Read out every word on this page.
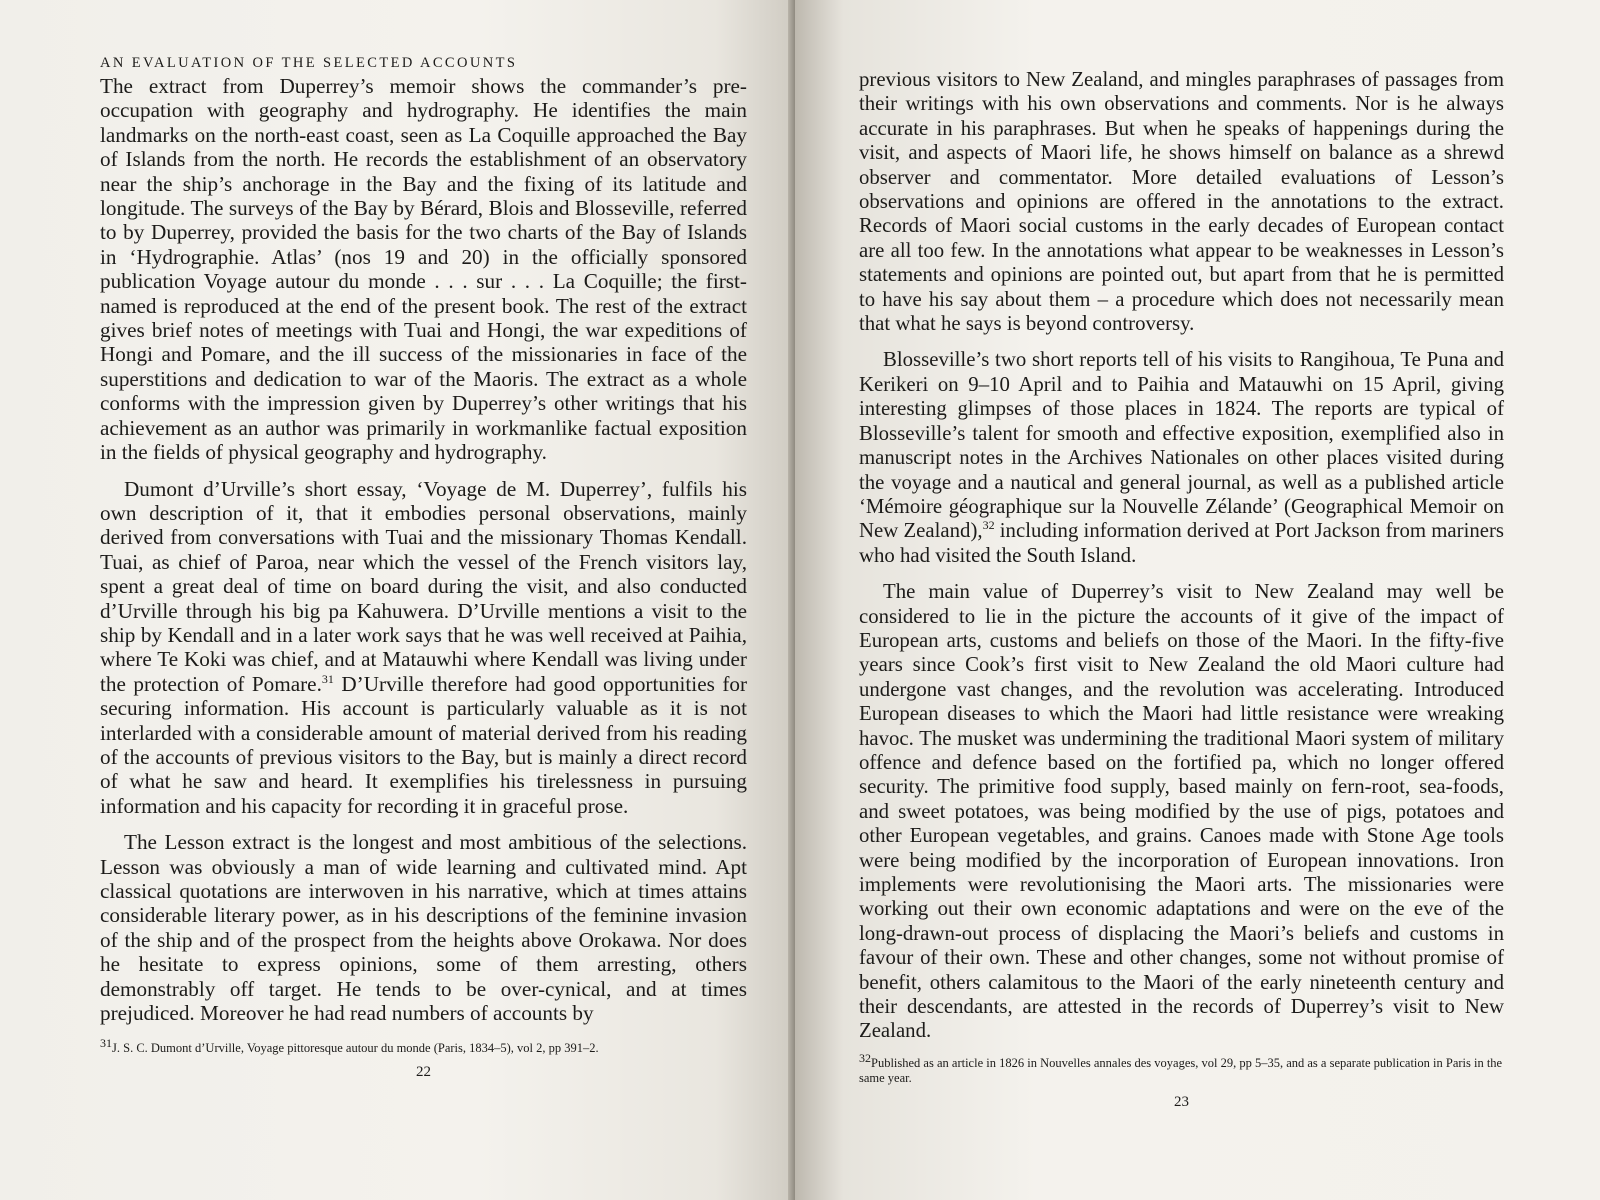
AN EVALUATION OF THE SELECTED ACCOUNTS

The extract from Duperrey’s memoir shows the commander’s pre-occupation with geography and hydrography. He identifies the main landmarks on the north-east coast, seen as La Coquille approached the Bay of Islands from the north. He records the establishment of an observatory near the ship’s anchorage in the Bay and the fixing of its latitude and longitude. The surveys of the Bay by Bérard, Blois and Blosseville, referred to by Duperrey, provided the basis for the two charts of the Bay of Islands in ‘Hydrographie. Atlas’ (nos 19 and 20) in the officially sponsored publication Voyage autour du monde . . . sur . . . La Coquille; the first-named is reproduced at the end of the present book. The rest of the extract gives brief notes of meetings with Tuai and Hongi, the war expeditions of Hongi and Pomare, and the ill success of the missionaries in face of the superstitions and dedication to war of the Maoris. The extract as a whole conforms with the impression given by Duperrey’s other writings that his achievement as an author was primarily in workmanlike factual exposition in the fields of physical geography and hydrography.

Dumont d’Urville’s short essay, ‘Voyage de M. Duperrey’, fulfils his own description of it, that it embodies personal observations, mainly derived from conversations with Tuai and the missionary Thomas Kendall. Tuai, as chief of Paroa, near which the vessel of the French visitors lay, spent a great deal of time on board during the visit, and also conducted d’Urville through his big pa Kahuwera. D’Urville mentions a visit to the ship by Kendall and in a later work says that he was well received at Paihia, where Te Koki was chief, and at Matauwhi where Kendall was living under the protection of Pomare.$^{31}$ D’Urville therefore had good opportunities for securing information. His account is particularly valuable as it is not interlarded with a considerable amount of material derived from his reading of the accounts of previous visitors to the Bay, but is mainly a direct record of what he saw and heard. It exemplifies his tirelessness in pursuing information and his capacity for recording it in graceful prose.

The Lesson extract is the longest and most ambitious of the selections. Lesson was obviously a man of wide learning and cultivated mind. Apt classical quotations are interwoven in his narrative, which at times attains considerable literary power, as in his descriptions of the feminine invasion of the ship and of the prospect from the heights above Orokawa. Nor does he hesitate to express opinions, some of them arresting, others demonstrably off target. He tends to be over-cynical, and at times prejudiced. Moreover he had read numbers of accounts by

$^{31}$J. S. C. Dumont d’Urville, Voyage pittoresque autour du monde (Paris, 1834–5), vol 2, pp 391–2.
22

previous visitors to New Zealand, and mingles paraphrases of passages from their writings with his own observations and comments. Nor is he always accurate in his paraphrases. But when he speaks of happenings during the visit, and aspects of Maori life, he shows himself on balance as a shrewd observer and commentator. More detailed evaluations of Lesson’s observations and opinions are offered in the annotations to the extract. Records of Maori social customs in the early decades of European contact are all too few. In the annotations what appear to be weaknesses in Lesson’s statements and opinions are pointed out, but apart from that he is permitted to have his say about them – a procedure which does not necessarily mean that what he says is beyond controversy.

Blosseville’s two short reports tell of his visits to Rangihoua, Te Puna and Kerikeri on 9–10 April and to Paihia and Matauwhi on 15 April, giving interesting glimpses of those places in 1824. The reports are typical of Blosseville’s talent for smooth and effective exposition, exemplified also in manuscript notes in the Archives Nationales on other places visited during the voyage and a nautical and general journal, as well as a published article ‘Mémoire géographique sur la Nouvelle Zélande’ (Geographical Memoir on New Zealand),$^{32}$ including information derived at Port Jackson from mariners who had visited the South Island.

The main value of Duperrey’s visit to New Zealand may well be considered to lie in the picture the accounts of it give of the impact of European arts, customs and beliefs on those of the Maori. In the fifty-five years since Cook’s first visit to New Zealand the old Maori culture had undergone vast changes, and the revolution was accelerating. Introduced European diseases to which the Maori had little resistance were wreaking havoc. The musket was undermining the traditional Maori system of military offence and defence based on the fortified pa, which no longer offered security. The primitive food supply, based mainly on fern-root, sea-foods, and sweet potatoes, was being modified by the use of pigs, potatoes and other European vegetables, and grains. Canoes made with Stone Age tools were being modified by the incorporation of European innovations. Iron implements were revolutionising the Maori arts. The missionaries were working out their own economic adaptations and were on the eve of the long-drawn-out process of displacing the Maori’s beliefs and customs in favour of their own. These and other changes, some not without promise of benefit, others calamitous to the Maori of the early nineteenth century and their descendants, are attested in the records of Duperrey’s visit to New Zealand.

$^{32}$Published as an article in 1826 in Nouvelles annales des voyages, vol 29, pp 5–35, and as a separate publication in Paris in the same year.
23
